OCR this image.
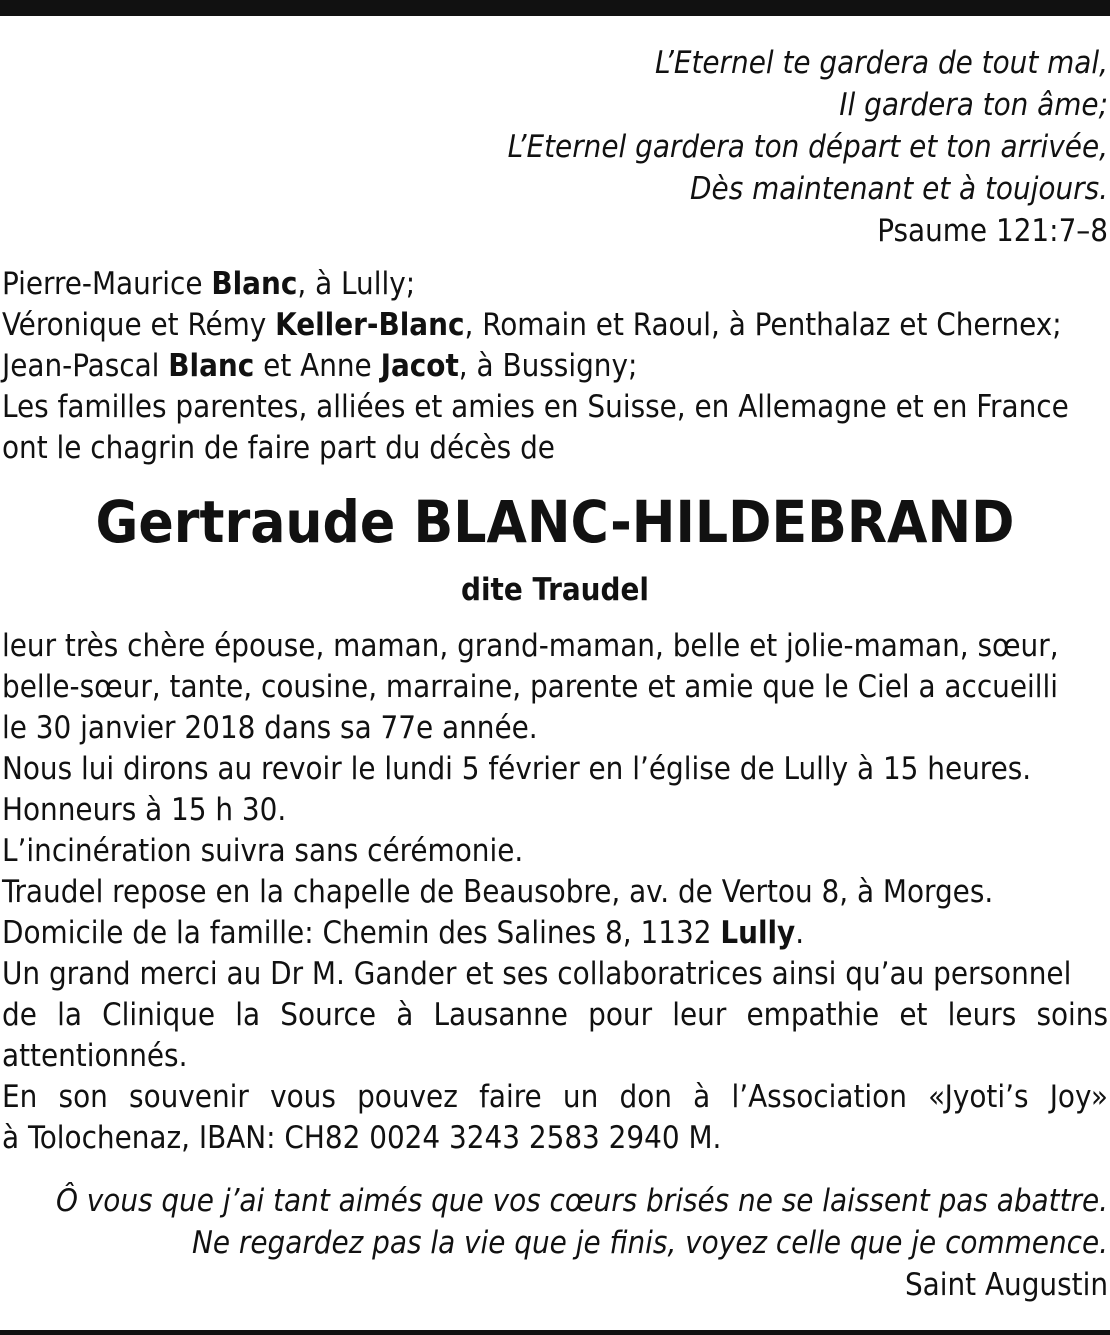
L’Eternel te gardera de tout mal,
Il gardera ton âme;
L’Eternel gardera ton départ et ton arrivée,
Dès maintenant et à toujours.
Psaume 121:7–8
Pierre-Maurice Blanc, à Lully;
Véronique et Rémy Keller-Blanc, Romain et Raoul, à Penthalaz et Chernex;
Jean-Pascal Blanc et Anne Jacot, à Bussigny;
Les familles parentes, alliées et amies en Suisse, en Allemagne et en France
ont le chagrin de faire part du décès de
Gertraude BLANC-HILDEBRAND
dite Traudel
leur très chère épouse, maman, grand-maman, belle et jolie-maman, sœur,
belle-sœur, tante, cousine, marraine, parente et amie que le Ciel a accueilli
le 30 janvier 2018 dans sa 77e année.
Nous lui dirons au revoir le lundi 5 février en l’église de Lully à 15 heures.
Honneurs à 15 h 30.
L’incinération suivra sans cérémonie.
Traudel repose en la chapelle de Beausobre, av. de Vertou 8, à Morges.
Domicile de la famille: Chemin des Salines 8, 1132 Lully.
Un grand merci au Dr M. Gander et ses collaboratrices ainsi qu’au personnel
de la Clinique la Source à Lausanne pour leur empathie et leurs soins
attentionnés.
En son souvenir vous pouvez faire un don à l’Association «Jyoti’s Joy»
à Tolochenaz, IBAN: CH82 0024 3243 2583 2940 M.
Ô vous que j’ai tant aimés que vos cœurs brisés ne se laissent pas abattre.
Ne regardez pas la vie que je finis, voyez celle que je commence.
Saint Augustin
